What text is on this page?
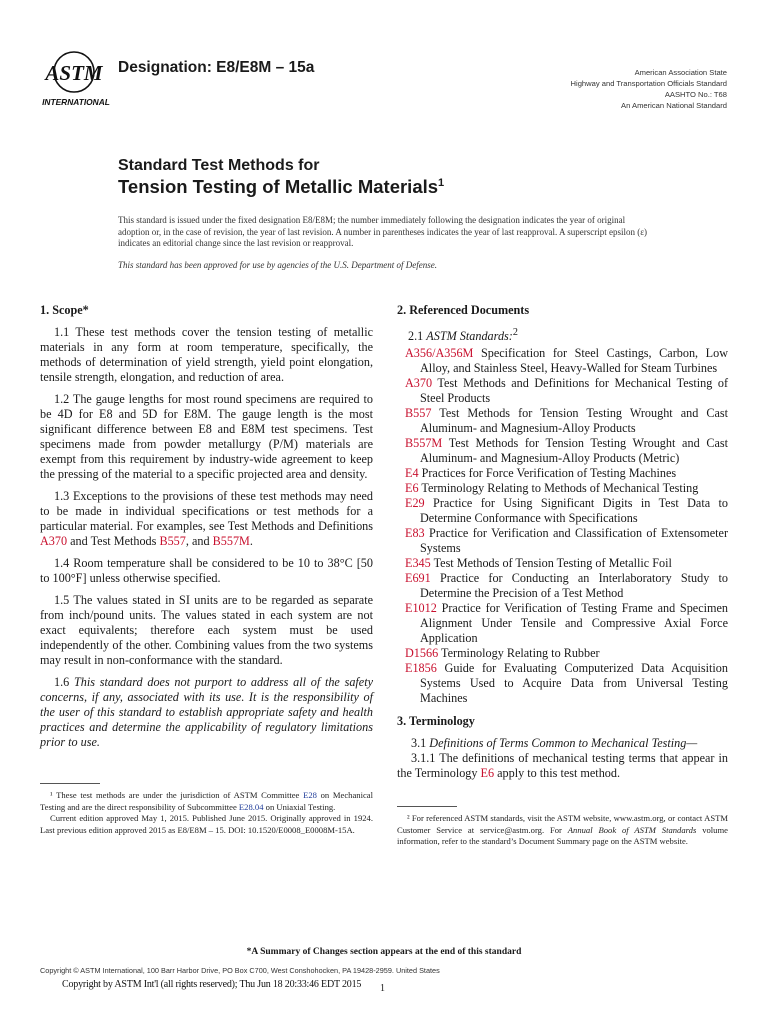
ASTM
INTERNATIONAL
Designation: E8/E8M – 15a	American Association State
Highway and Transportation Officials Standard
AASHTO No.: T68
An American National Standard
Standard Test Methods for
Tension Testing of Metallic Materials$^1$
This standard is issued under the fixed designation E8/E8M; the number immediately following the designation indicates the year of original adoption or, in the case of revision, the year of last revision. A number in parentheses indicates the year of last reapproval. A superscript epsilon (ε) indicates an editorial change since the last revision or reapproval.
This standard has been approved for use by agencies of the U.S. Department of Defense.
1. Scope*

1.1 These test methods cover the tension testing of metallic materials in any form at room temperature, specifically, the methods of determination of yield strength, yield point elongation, tensile strength, elongation, and reduction of area.

1.2 The gauge lengths for most round specimens are required to be 4D for E8 and 5D for E8M. The gauge length is the most significant difference between E8 and E8M test specimens. Test specimens made from powder metallurgy (P/M) materials are exempt from this requirement by industry-wide agreement to keep the pressing of the material to a specific projected area and density.

1.3 Exceptions to the provisions of these test methods may need to be made in individual specifications or test methods for a particular material. For examples, see Test Methods and Definitions A370 and Test Methods B557, and B557M.

1.4 Room temperature shall be considered to be 10 to 38°C [50 to 100°F] unless otherwise specified.

1.5 The values stated in SI units are to be regarded as separate from inch/pound units. The values stated in each system are not exact equivalents; therefore each system must be used independently of the other. Combining values from the two systems may result in non-conformance with the standard.

1.6 This standard does not purport to address all of the safety concerns, if any, associated with its use. It is the responsibility of the user of this standard to establish appropriate safety and health practices and determine the applicability of regulatory limitations prior to use.

2. Referenced Documents

2.1 ASTM Standards:$^2$

A356/A356M Specification for Steel Castings, Carbon, Low Alloy, and Stainless Steel, Heavy-Walled for Steam Turbines
A370 Test Methods and Definitions for Mechanical Testing of Steel Products
B557 Test Methods for Tension Testing Wrought and Cast Aluminum- and Magnesium-Alloy Products
B557M Test Methods for Tension Testing Wrought and Cast Aluminum- and Magnesium-Alloy Products (Metric)
E4 Practices for Force Verification of Testing Machines
E6 Terminology Relating to Methods of Mechanical Testing
E29 Practice for Using Significant Digits in Test Data to Determine Conformance with Specifications
E83 Practice for Verification and Classification of Extensometer Systems
E345 Test Methods of Tension Testing of Metallic Foil
E691 Practice for Conducting an Interlaboratory Study to Determine the Precision of a Test Method
E1012 Practice for Verification of Testing Frame and Specimen Alignment Under Tensile and Compressive Axial Force Application
D1566 Terminology Relating to Rubber
E1856 Guide for Evaluating Computerized Data Acquisition Systems Used to Acquire Data from Universal Testing Machines
3. Terminology

3.1 Definitions of Terms Common to Mechanical Testing—

3.1.1 The definitions of mechanical testing terms that appear in the Terminology E6 apply to this test method.

¹ These test methods are under the jurisdiction of ASTM Committee E28 on Mechanical Testing and are the direct responsibility of Subcommittee E28.04 on Uniaxial Testing.

Current edition approved May 1, 2015. Published June 2015. Originally approved in 1924. Last previous edition approved 2015 as E8/E8M – 15. DOI: 10.1520/E0008_E0008M-15A.

² For referenced ASTM standards, visit the ASTM website, www.astm.org, or contact ASTM Customer Service at service@astm.org. For Annual Book of ASTM Standards volume information, refer to the standard’s Document Summary page on the ASTM website.

*A Summary of Changes section appears at the end of this standard
Copyright © ASTM International, 100 Barr Harbor Drive, PO Box C700, West Conshohocken, PA 19428-2959. United States
Copyright by ASTM Int'l (all rights reserved); Thu Jun 18 20:33:46 EDT 2015 1
